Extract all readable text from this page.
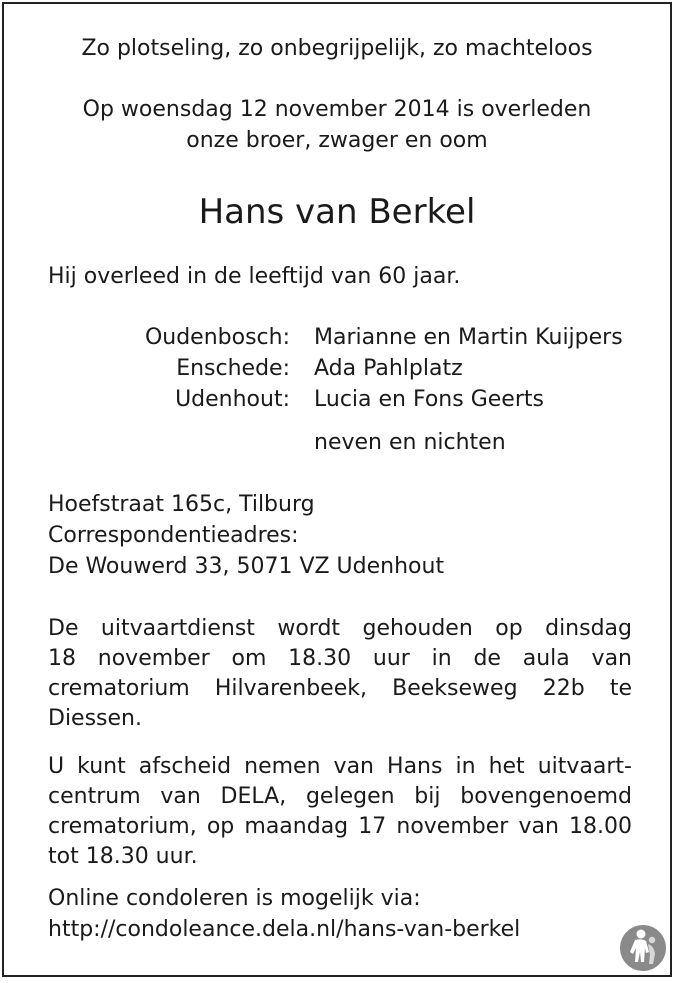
Zo plotseling, zo onbegrijpelijk, zo machteloos
Op woensdag 12 november 2014 is overleden
onze broer, zwager en oom
Hans van Berkel
Hij overleed in de leeftijd van 60 jaar.
Oudenbosch: Marianne en Martin Kuijpers
Enschede: Ada Pahlplatz
Udenhout: Lucia en Fons Geerts
neven en nichten
Hoefstraat 165c, Tilburg
Correspondentieadres:
De Wouwerd 33, 5071 VZ Udenhout
De uitvaartdienst wordt gehouden op dinsdag
18 november om 18.30 uur in de aula van
crematorium Hilvarenbeek, Beekseweg 22b te
Diessen.
U kunt afscheid nemen van Hans in het uitvaart-
centrum van DELA, gelegen bij bovengenoemd
crematorium, op maandag 17 november van 18.00
tot 18.30 uur.
Online condoleren is mogelijk via:
http://condoleance.dela.nl/hans-van-berkel
